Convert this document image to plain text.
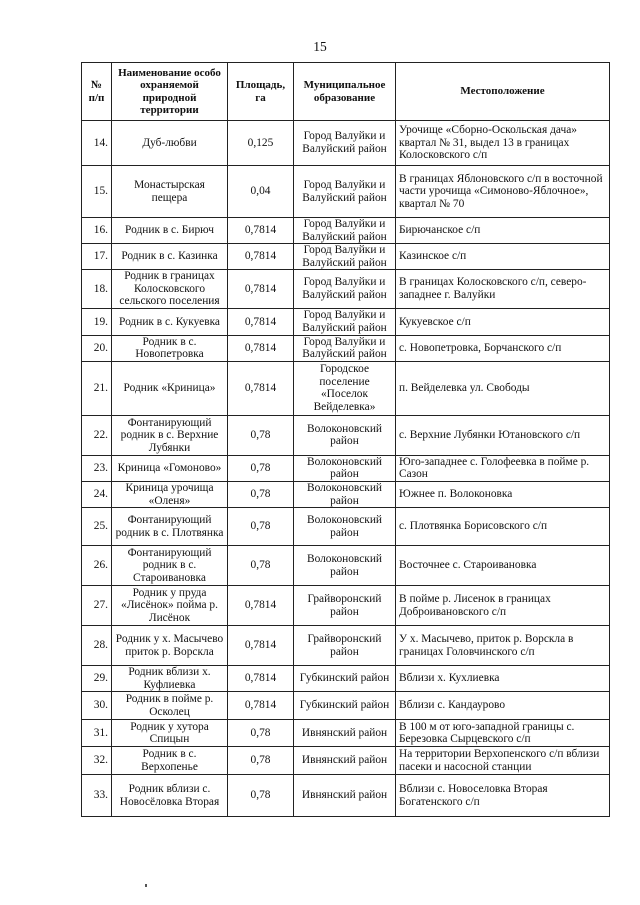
15
№ п/п	Наименование особо охраняемой природной территории	Площадь, га	Муниципальное образование	Местоположение
14.	Дуб-любви	0,125	Город Валуйки и Валуйский район	Урочище «Сборно-Оскольская дача» квартал № 31, выдел 13 в границах Колосковского с/п
15.	Монастырская пещера	0,04	Город Валуйки и Валуйский район	В границах Яблоновского с/п в восточной части урочища «Симоново-Яблочное», квартал № 70
16.	Родник в с. Бирюч	0,7814	Город Валуйки и Валуйский район	Бирючанское с/п
17.	Родник в с. Казинка	0,7814	Город Валуйки и Валуйский район	Казинское с/п
18.	Родник в границах Колосковского сельского поселения	0,7814	Город Валуйки и Валуйский район	В границах Колосковского с/п, северо-западнее г. Валуйки
19.	Родник в с. Кукуевка	0,7814	Город Валуйки и Валуйский район	Кукуевское с/п
20.	Родник в с. Новопетровка	0,7814	Город Валуйки и Валуйский район	с. Новопетровка, Борчанского с/п
21.	Родник «Криница»	0,7814	Городское поселение «Поселок Вейделевка»	п. Вейделевка ул. Свободы
22.	Фонтанирующий родник в с. Верхние Лубянки	0,78	Волоконовский район	с. Верхние Лубянки Ютановского с/п
23.	Криница «Гомоново»	0,78	Волоконовский район	Юго-западнее с. Голофеевка в пойме р. Сазон
24.	Криница урочища «Оленя»	0,78	Волоконовский район	Южнее п. Волоконовка
25.	Фонтанирующий родник в с. Плотвянка	0,78	Волоконовский район	с. Плотвянка Борисовского с/п
26.	Фонтанирующий родник в с. Староивановка	0,78	Волоконовский район	Восточнее с. Староивановка
27.	Родник у пруда «Лисёнок» пойма р. Лисёнок	0,7814	Грайворонский район	В пойме р. Лисенок в границах Доброивановского с/п
28.	Родник у х. Масычево приток р. Ворскла	0,7814	Грайворонский район	У х. Масычево, приток р. Ворскла в границах Головчинского с/п
29.	Родник вблизи х. Куфлиевка	0,7814	Губкинский район	Вблизи х. Кухлиевка
30.	Родник в пойме р. Осколец	0,7814	Губкинский район	Вблизи с. Кандаурово
31.	Родник у хутора Спицын	0,78	Ивнянский район	В 100 м от юго-западной границы с. Березовка Сырцевского с/п
32.	Родник в с. Верхопенье	0,78	Ивнянский район	На территории Верхопенского с/п вблизи пасеки и насосной станции
33.	Родник вблизи с. Новосёловка Вторая	0,78	Ивнянский район	Вблизи с. Новоселовка Вторая Богатенского с/п
